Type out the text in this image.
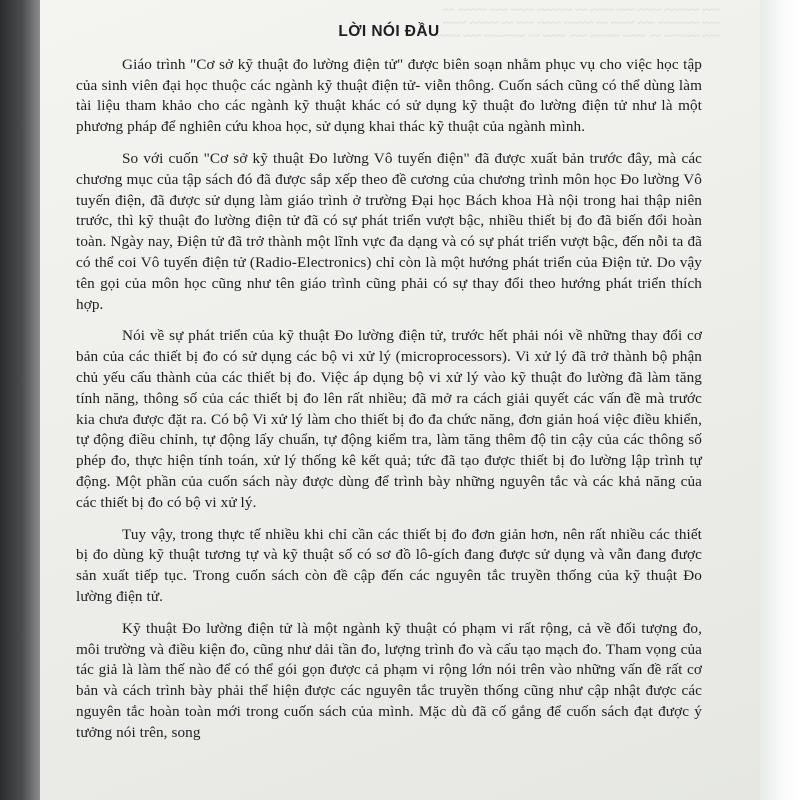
~~~ ~~~~~~ ~~~~ ~~~ ~~~~ ~~ ~~~~~~ ~~~~ ~~~ ~~~~~ ~~ ~~~ ~~~~~~~ ~~~ ~~~~ ~~ ~~~~~ ~~~~ ~~~ ~~ ~~~~~ ~~~~ ~~~ ~~~~~~ ~~ ~~~~ ~~~~~ ~~~ ~~~~ ~~ ~~~~~~~ ~~~ ~~~~
LỜI NÓI ĐẦU

Giáo trình "Cơ sở kỹ thuật đo lường điện tử" được biên soạn nhằm phục vụ cho việc học tập của sinh viên đại học thuộc các ngành kỹ thuật điện tử- viễn thông. Cuốn sách cũng có thể dùng làm tài liệu tham khảo cho các ngành kỹ thuật khác có sử dụng kỹ thuật đo lường điện tử như là một phương pháp để nghiên cứu khoa học, sử dụng khai thác kỹ thuật của ngành mình.

So với cuốn "Cơ sở kỹ thuật Đo lường Vô tuyến điện" đã được xuất bản trước đây, mà các chương mục của tập sách đó đã được sắp xếp theo đề cương của chương trình môn học Đo lường Vô tuyến điện, đã được sử dụng làm giáo trình ở trường Đại học Bách khoa Hà nội trong hai thập niên trước, thì kỹ thuật đo lường điện tử đã có sự phát triển vượt bậc, nhiều thiết bị đo đã biến đổi hoàn toàn. Ngày nay, Điện tử đã trở thành một lĩnh vực đa dạng và có sự phát triển vượt bậc, đến nỗi ta đã có thể coi Vô tuyến điện tử (Radio-Electronics) chỉ còn là một hướng phát triển của Điện tử. Do vậy tên gọi của môn học cũng như tên giáo trình cũng phải có sự thay đổi theo hướng phát triển thích hợp.

Nói về sự phát triển của kỹ thuật Đo lường điện tử, trước hết phải nói về những thay đổi cơ bản của các thiết bị đo có sử dụng các bộ vi xử lý (microprocessors). Vi xử lý đã trở thành bộ phận chủ yếu cấu thành của các thiết bị đo. Việc áp dụng bộ vi xử lý vào kỹ thuật đo lường đã làm tăng tính năng, thông số của các thiết bị đo lên rất nhiều; đã mở ra cách giải quyết các vấn đề mà trước kia chưa được đặt ra. Có bộ Vi xử lý làm cho thiết bị đo đa chức năng, đơn giản hoá việc điều khiển, tự động điều chỉnh, tự động lấy chuẩn, tự động kiểm tra, làm tăng thêm độ tin cậy của các thông số phép đo, thực hiện tính toán, xử lý thống kê kết quả; tức đã tạo được thiết bị đo lường lập trình tự động. Một phần của cuốn sách này được dùng để trình bày những nguyên tắc và các khả năng của các thiết bị đo có bộ vi xử lý.

Tuy vậy, trong thực tế nhiều khi chỉ cần các thiết bị đo đơn giản hơn, nên rất nhiều các thiết bị đo dùng kỹ thuật tương tự và kỹ thuật số có sơ đồ lô-gích đang được sử dụng và vẫn đang được sản xuất tiếp tục. Trong cuốn sách còn đề cập đến các nguyên tắc truyền thống của kỹ thuật Đo lường điện tử.

Kỹ thuật Đo lường điện tử là một ngành kỹ thuật có phạm vi rất rộng, cả về đối tượng đo, môi trường và điều kiện đo, cũng như dải tần đo, lượng trình đo và cấu tạo mạch đo. Tham vọng của tác giả là làm thế nào để có thể gói gọn được cả phạm vi rộng lớn nói trên vào những vấn đề rất cơ bản và cách trình bày phải thể hiện được các nguyên tắc truyền thống cũng như cập nhật được các nguyên tắc hoàn toàn mới trong cuốn sách của mình. Mặc dù đã cố gắng để cuốn sách đạt được ý tưởng nói trên, song
